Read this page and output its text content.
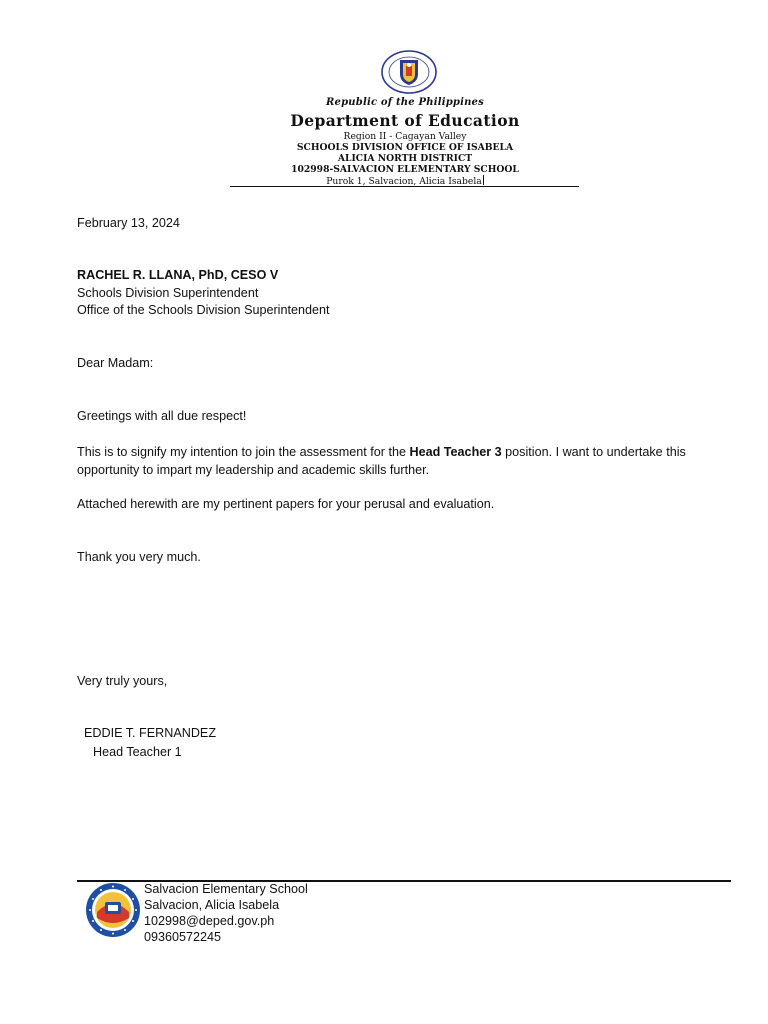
Republic of the Philippines
Department of Education
Region II - Cagayan Valley
SCHOOLS DIVISION OFFICE OF ISABELA
ALICIA NORTH DISTRICT
102998-SALVACION ELEMENTARY SCHOOL
Purok 1, Salvacion, Alicia Isabela
February 13, 2024
RACHEL R. LLANA, PhD, CESO V
Schools Division Superintendent
Office of the Schools Division Superintendent
Dear Madam:
Greetings with all due respect!
This is to signify my intention to join the assessment for the Head Teacher 3 position. I want to undertake this opportunity to impart my leadership and academic skills further.
Attached herewith are my pertinent papers for your perusal and evaluation.
Thank you very much.
Very truly yours,
EDDIE T. FERNANDEZ
Head Teacher 1
Salvacion Elementary School
Salvacion, Alicia Isabela
102998@deped.gov.ph
09360572245
